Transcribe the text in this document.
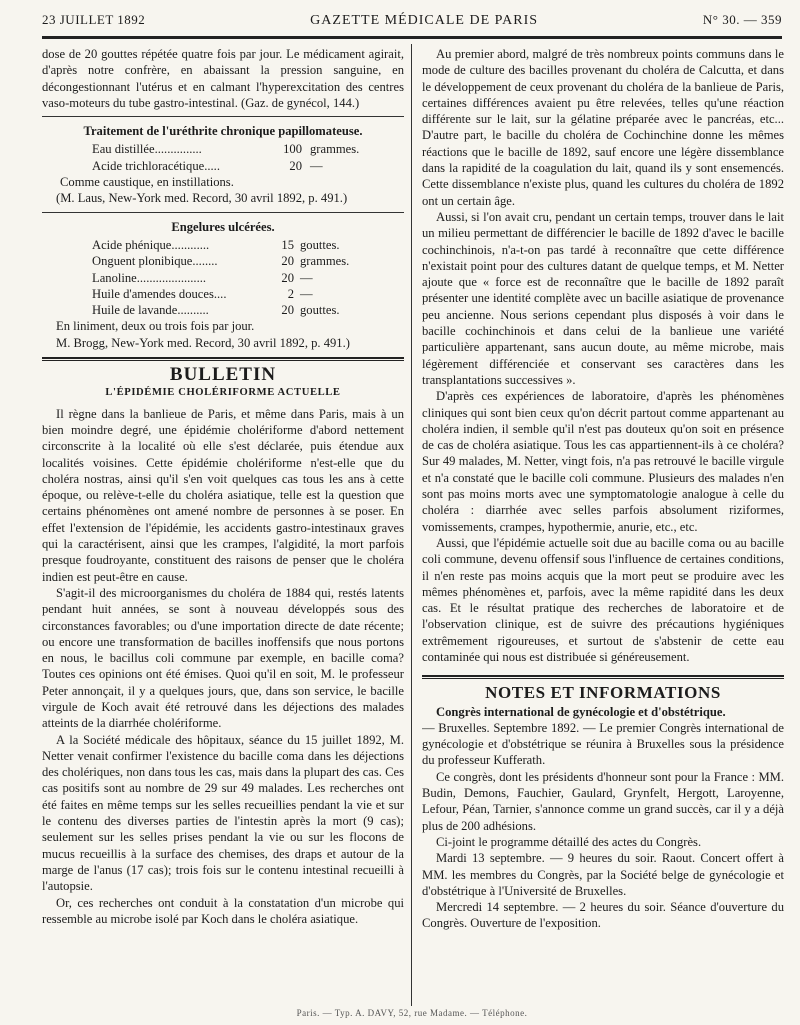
23 JUILLET 1892	GAZETTE MÉDICALE DE PARIS	N° 30. — 359

dose de 20 gouttes répétée quatre fois par jour. Le médicament agirait, d'après notre confrère, en abaissant la pression sanguine, en décongestionnant l'utérus et en calmant l'hyperexcitation des centres vaso-moteurs du tube gastro-intestinal. (Gaz. de gynécol, 144.)

Traitement de l'uréthrite chronique papillomateuse.
Eau distillée...............	100 grammes.
Acide trichloracétique.....	20 —

Comme caustique, en instillations.

(M. Laus, New-York med. Record, 30 avril 1892, p. 491.)

Engelures ulcérées.
Acide phénique............	15 gouttes.
Onguent plonibique........	20 grammes.
Lanoline......................	20 —
Huile d'amendes douces....	2 —
Huile de lavande..........	20 gouttes.

En liniment, deux ou trois fois par jour.

M. Brogg, New-York med. Record, 30 avril 1892, p. 491.)

BULLETIN
L'ÉPIDÉMIE CHOLÉRIFORME ACTUELLE

Il règne dans la banlieue de Paris, et même dans Paris, mais à un bien moindre degré, une épidémie cholériforme d'abord nettement circonscrite à la localité où elle s'est déclarée, puis étendue aux localités voisines. Cette épidémie cholériforme n'est-elle que du choléra nostras, ainsi qu'il s'en voit quelques cas tous les ans à cette époque, ou relève-t-elle du choléra asiatique, telle est la question que certains phénomènes ont amené nombre de personnes à se poser. En effet l'extension de l'épidémie, les accidents gastro-intestinaux graves qui la caractérisent, ainsi que les crampes, l'algidité, la mort parfois presque foudroyante, constituent des raisons de penser que le choléra indien est peut-être en cause.

S'agit-il des microorganismes du choléra de 1884 qui, restés latents pendant huit années, se sont à nouveau développés sous des circonstances favorables; ou d'une importation directe de date récente; ou encore une transformation de bacilles inoffensifs que nous portons en nous, le bacillus coli commune par exemple, en bacille coma? Toutes ces opinions ont été émises. Quoi qu'il en soit, M. le professeur Peter annonçait, il y a quelques jours, que, dans son service, le bacille virgule de Koch avait été retrouvé dans les déjections des malades atteints de la diarrhée cholériforme.

A la Société médicale des hôpitaux, séance du 15 juillet 1892, M. Netter venait confirmer l'existence du bacille coma dans les déjections des cholériques, non dans tous les cas, mais dans la plupart des cas. Ces cas positifs sont au nombre de 29 sur 49 malades. Les recherches ont été faites en même temps sur les selles recueillies pendant la vie et sur le contenu des diverses parties de l'intestin après la mort (9 cas); seulement sur les selles prises pendant la vie ou sur les flocons de mucus recueillis à la surface des chemises, des draps et autour de la marge de l'anus (17 cas); trois fois sur le contenu intestinal recueilli à l'autopsie.

Or, ces recherches ont conduit à la constatation d'un microbe qui ressemble au microbe isolé par Koch dans le choléra asiatique.

Au premier abord, malgré de très nombreux points communs dans le mode de culture des bacilles provenant du choléra de Calcutta, et dans le développement de ceux provenant du choléra de la banlieue de Paris, certaines différences avaient pu être relevées, telles qu'une réaction différente sur le lait, sur la gélatine préparée avec le pancréas, etc... D'autre part, le bacille du choléra de Cochinchine donne les mêmes réactions que le bacille de 1892, sauf encore une légère dissemblance dans la rapidité de la coagulation du lait, quand ils y sont ensemencés. Cette dissemblance n'existe plus, quand les cultures du choléra de 1892 ont un certain âge.

Aussi, si l'on avait cru, pendant un certain temps, trouver dans le lait un milieu permettant de différencier le bacille de 1892 d'avec le bacille cochinchinois, n'a-t-on pas tardé à reconnaître que cette différence n'existait point pour des cultures datant de quelque temps, et M. Netter ajoute que « force est de reconnaître que le bacille de 1892 paraît présenter une identité complète avec un bacille asiatique de provenance peu ancienne. Nous serions cependant plus disposés à voir dans le bacille cochinchinois et dans celui de la banlieue une variété particulière appartenant, sans aucun doute, au même microbe, mais légèrement différenciée et conservant ses caractères dans les transplantations successives ».

D'après ces expériences de laboratoire, d'après les phénomènes cliniques qui sont bien ceux qu'on décrit partout comme appartenant au choléra indien, il semble qu'il n'est pas douteux qu'on soit en présence de cas de choléra asiatique. Tous les cas appartiennent-ils à ce choléra? Sur 49 malades, M. Netter, vingt fois, n'a pas retrouvé le bacille virgule et n'a constaté que le bacille coli commune. Plusieurs des malades n'en sont pas moins morts avec une symptomatologie analogue à celle du choléra : diarrhée avec selles parfois absolument riziformes, vomissements, crampes, hypothermie, anurie, etc., etc.

Aussi, que l'épidémie actuelle soit due au bacille coma ou au bacille coli commune, devenu offensif sous l'influence de certaines conditions, il n'en reste pas moins acquis que la mort peut se produire avec les mêmes phénomènes et, parfois, avec la même rapidité dans les deux cas. Et le résultat pratique des recherches de laboratoire et de l'observation clinique, est de suivre des précautions hygiéniques extrêmement rigoureuses, et surtout de s'abstenir de cette eau contaminée qui nous est distribuée si généreusement.

NOTES ET INFORMATIONS

Congrès international de gynécologie et d'obstétrique.

— Bruxelles. Septembre 1892. — Le premier Congrès international de gynécologie et d'obstétrique se réunira à Bruxelles sous la présidence du professeur Kufferath.

Ce congrès, dont les présidents d'honneur sont pour la France : MM. Budin, Demons, Fauchier, Gaulard, Grynfelt, Hergott, Laroyenne, Lefour, Péan, Tarnier, s'annonce comme un grand succès, car il y a déjà plus de 200 adhésions.

Ci-joint le programme détaillé des actes du Congrès.

Mardi 13 septembre. — 9 heures du soir. Raout. Concert offert à MM. les membres du Congrès, par la Société belge de gynécologie et d'obstétrique à l'Université de Bruxelles.

Mercredi 14 septembre. — 2 heures du soir. Séance d'ouverture du Congrès. Ouverture de l'exposition.

Paris. — Typ. A. DAVY, 52, rue Madame. — Téléphone.
